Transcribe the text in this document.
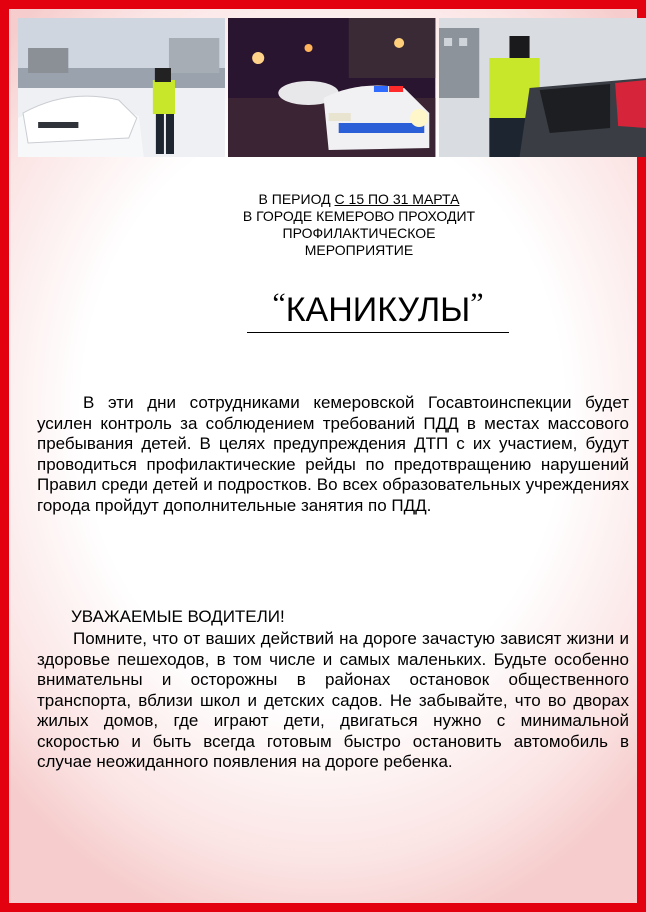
В ПЕРИОД С 15 ПО 31 МАРТА
В ГОРОДЕ КЕМЕРОВО ПРОХОДИТ
ПРОФИЛАКТИЧЕСКОЕ
МЕРОПРИЯТИЕ
“КАНИКУЛЫ”

В эти дни сотрудниками кемеровской Госавтоинспекции будет усилен контроль за соблюдением требований ПДД в местах массового пребывания детей. В целях предупреждения ДТП с их участием, будут проводиться профилактические рейды по предотвращению нарушений Правил среди детей и подростков. Во всех образовательных учреждениях города пройдут дополнительные занятия по ПДД.

УВАЖАЕМЫЕ ВОДИТЕЛИ!

Помните, что от ваших действий на дороге зачастую зависят жизни и здоровье пешеходов, в том числе и самых маленьких. Будьте особенно внимательны и осторожны в районах остановок общественного транспорта, вблизи школ и детских садов. Не забывайте, что во дворах жилых домов, где играют дети, двигаться нужно с минимальной скоростью и быть всегда готовым быстро остановить автомобиль в случае неожиданного появления на дороге ребенка.
